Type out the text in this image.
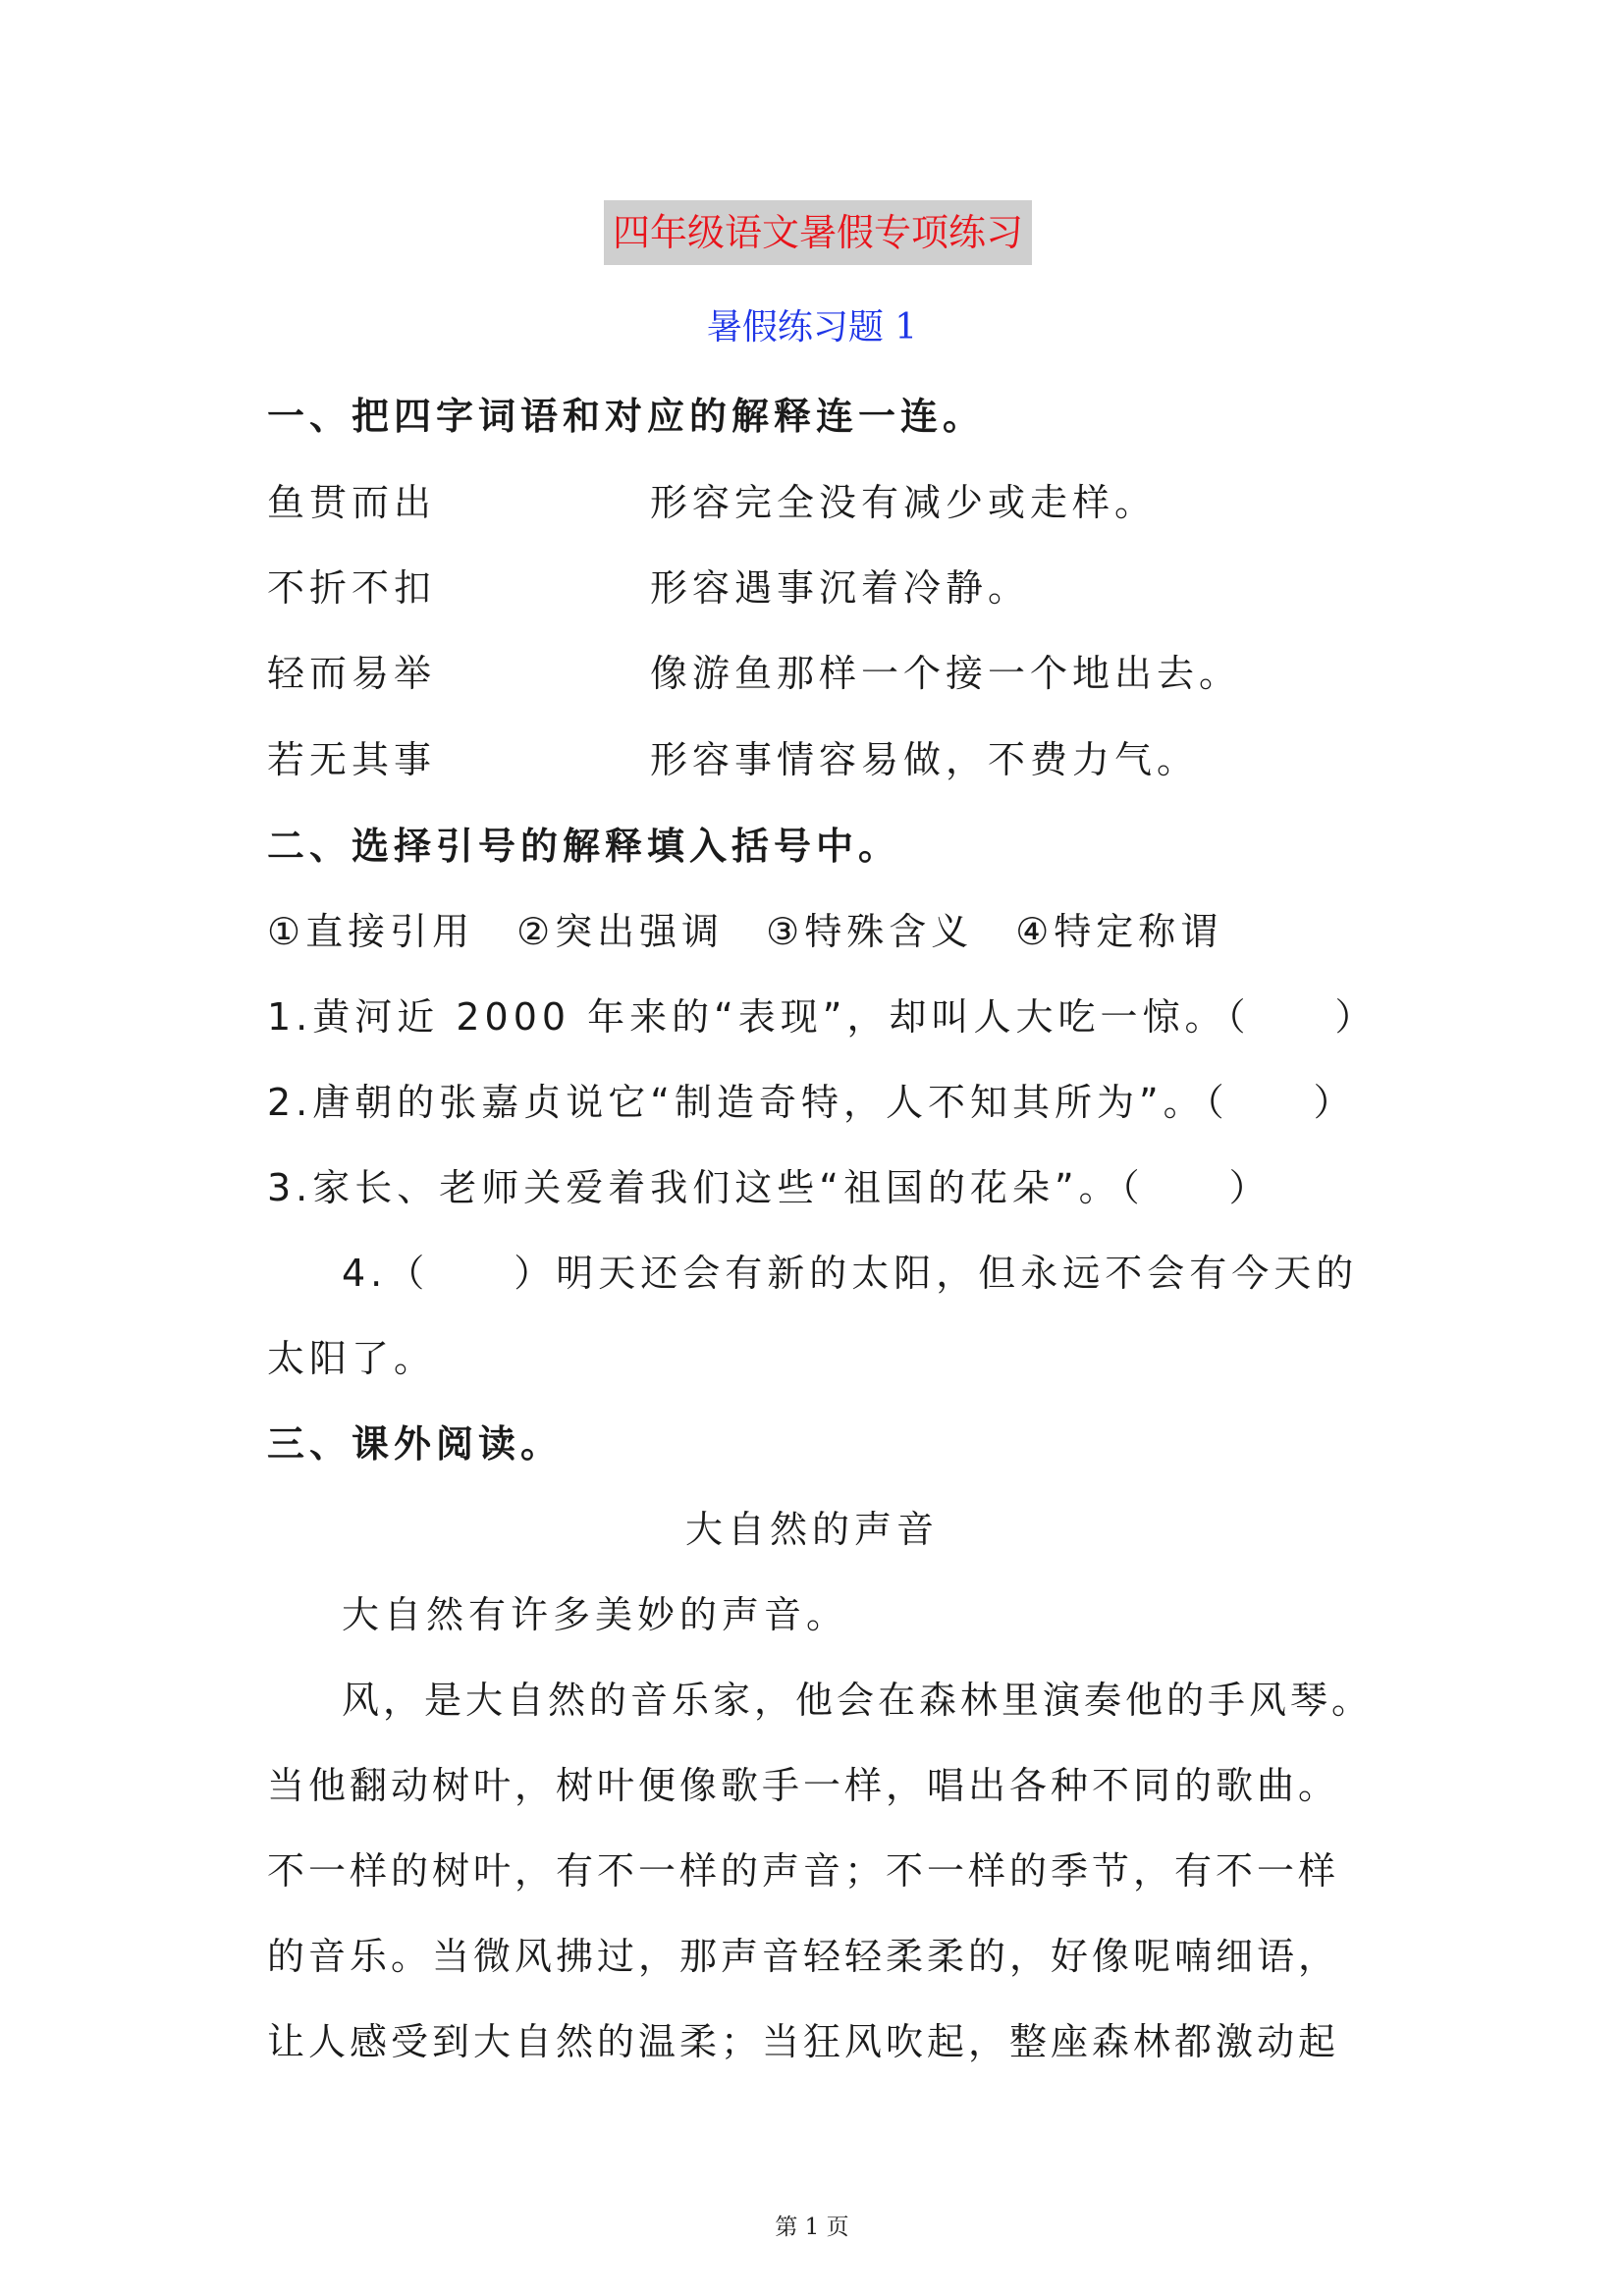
四年级语文暑假专项练习
暑假练习题 1
一、把四字词语和对应的解释连一连。
鱼贯而出	形容完全没有减少或走样。
不折不扣	形容遇事沉着冷静。
轻而易举	像游鱼那样一个接一个地出去。
若无其事	形容事情容易做，不费力气。
二、选择引号的解释填入括号中。
①直接引用　②突出强调　③特殊含义　④特定称谓
1.黄河近 2000 年来的“表现”，却叫人大吃一惊。（　　）
2.唐朝的张嘉贞说它“制造奇特，人不知其所为”。（　　）
3.家长、老师关爱着我们这些“祖国的花朵”。（　　）
4.（　　）明天还会有新的太阳，但永远不会有今天的
太阳了。
三、课外阅读。
大自然的声音
大自然有许多美妙的声音。
风，是大自然的音乐家，他会在森林里演奏他的手风琴。
当他翻动树叶，树叶便像歌手一样，唱出各种不同的歌曲。
不一样的树叶，有不一样的声音；不一样的季节，有不一样
的音乐。当微风拂过，那声音轻轻柔柔的，好像呢喃细语，
让人感受到大自然的温柔；当狂风吹起，整座森林都激动起
第 1 页
